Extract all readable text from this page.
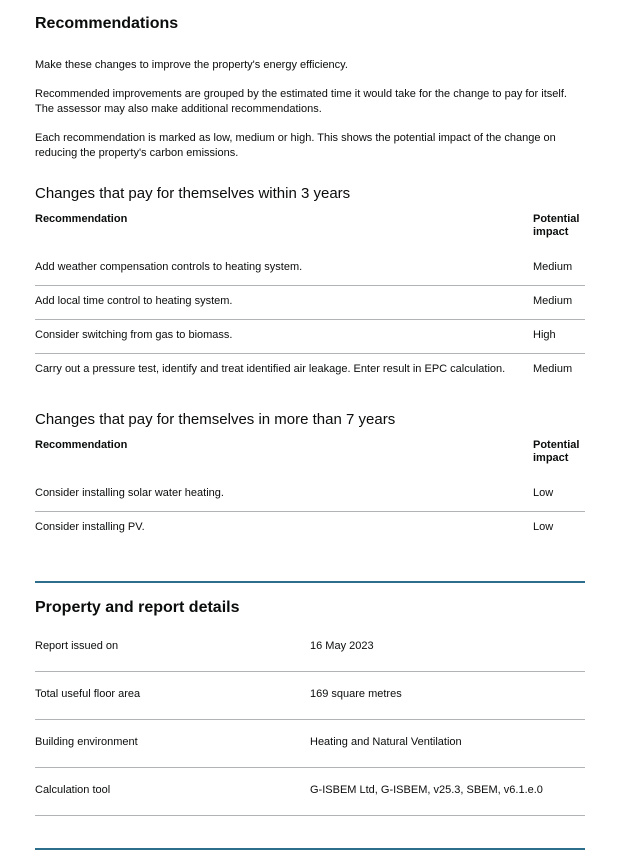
Recommendations

Make these changes to improve the property's energy efficiency.

Recommended improvements are grouped by the estimated time it would take for the change to pay for itself. The assessor may also make additional recommendations.

Each recommendation is marked as low, medium or high. This shows the potential impact of the change on reducing the property's carbon emissions.

Changes that pay for themselves within 3 years
Recommendation	Potential impact
Add weather compensation controls to heating system.	Medium
Add local time control to heating system.	Medium
Consider switching from gas to biomass.	High
Carry out a pressure test, identify and treat identified air leakage. Enter result in EPC calculation.	Medium
Changes that pay for themselves in more than 7 years
Recommendation	Potential impact
Consider installing solar water heating.	Low
Consider installing PV.	Low
Property and report details
Report issued on	16 May 2023
Total useful floor area	169 square metres
Building environment	Heating and Natural Ventilation
Calculation tool	G-ISBEM Ltd, G-ISBEM, v25.3, SBEM, v6.1.e.0
